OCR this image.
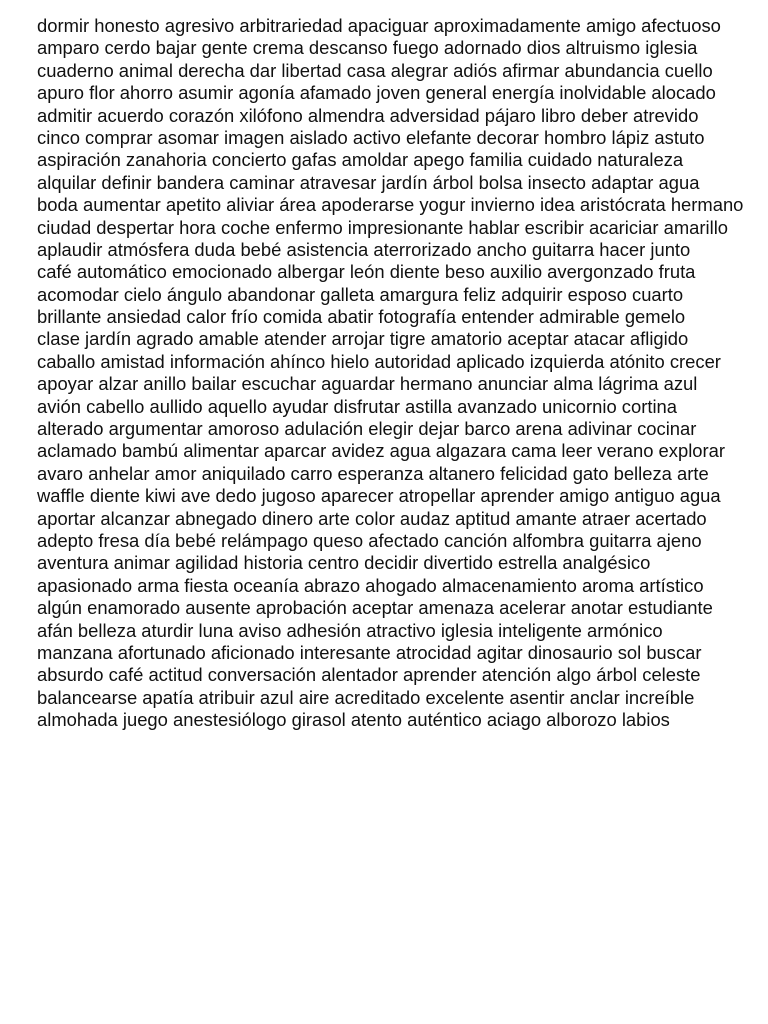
dormir honesto agresivo arbitrariedad apaciguar aproximadamente amigo afectuoso
amparo cerdo bajar gente crema descanso fuego adornado dios altruismo iglesia
cuaderno animal derecha dar libertad casa alegrar adiós afirmar abundancia cuello
apuro flor ahorro asumir agonía afamado joven general energía inolvidable alocado
admitir acuerdo corazón xilófono almendra adversidad pájaro libro deber atrevido
cinco comprar asomar imagen aislado activo elefante decorar hombro lápiz astuto
aspiración zanahoria concierto gafas amoldar apego familia cuidado naturaleza
alquilar definir bandera caminar atravesar jardín árbol bolsa insecto adaptar agua
boda aumentar apetito aliviar área apoderarse yogur invierno idea aristócrata hermano
ciudad despertar hora coche enfermo impresionante hablar escribir acariciar amarillo
aplaudir atmósfera duda bebé asistencia aterrorizado ancho guitarra hacer junto
café automático emocionado albergar león diente beso auxilio avergonzado fruta
acomodar cielo ángulo abandonar galleta amargura feliz adquirir esposo cuarto
brillante ansiedad calor frío comida abatir fotografía entender admirable gemelo
clase jardín agrado amable atender arrojar tigre amatorio aceptar atacar afligido
caballo amistad información ahínco hielo autoridad aplicado izquierda atónito crecer
apoyar alzar anillo bailar escuchar aguardar hermano anunciar alma lágrima azul
avión cabello aullido aquello ayudar disfrutar astilla avanzado unicornio cortina
alterado argumentar amoroso adulación elegir dejar barco arena adivinar cocinar
aclamado bambú alimentar aparcar avidez agua algazara cama leer verano explorar
avaro anhelar amor aniquilado carro esperanza altanero felicidad gato belleza arte
waffle diente kiwi ave dedo jugoso aparecer atropellar aprender amigo antiguo agua
aportar alcanzar abnegado dinero arte color audaz aptitud amante atraer acertado
adepto fresa día bebé relámpago queso afectado canción alfombra guitarra ajeno
aventura animar agilidad historia centro decidir divertido estrella analgésico
apasionado arma fiesta oceanía abrazo ahogado almacenamiento aroma artístico
algún enamorado ausente aprobación aceptar amenaza acelerar anotar estudiante
afán belleza aturdir luna aviso adhesión atractivo iglesia inteligente armónico
manzana afortunado aficionado interesante atrocidad agitar dinosaurio sol buscar
absurdo café actitud conversación alentador aprender atención algo árbol celeste
balancearse apatía atribuir azul aire acreditado excelente asentir anclar increíble
almohada juego anestesiólogo girasol atento auténtico aciago alborozo labios
